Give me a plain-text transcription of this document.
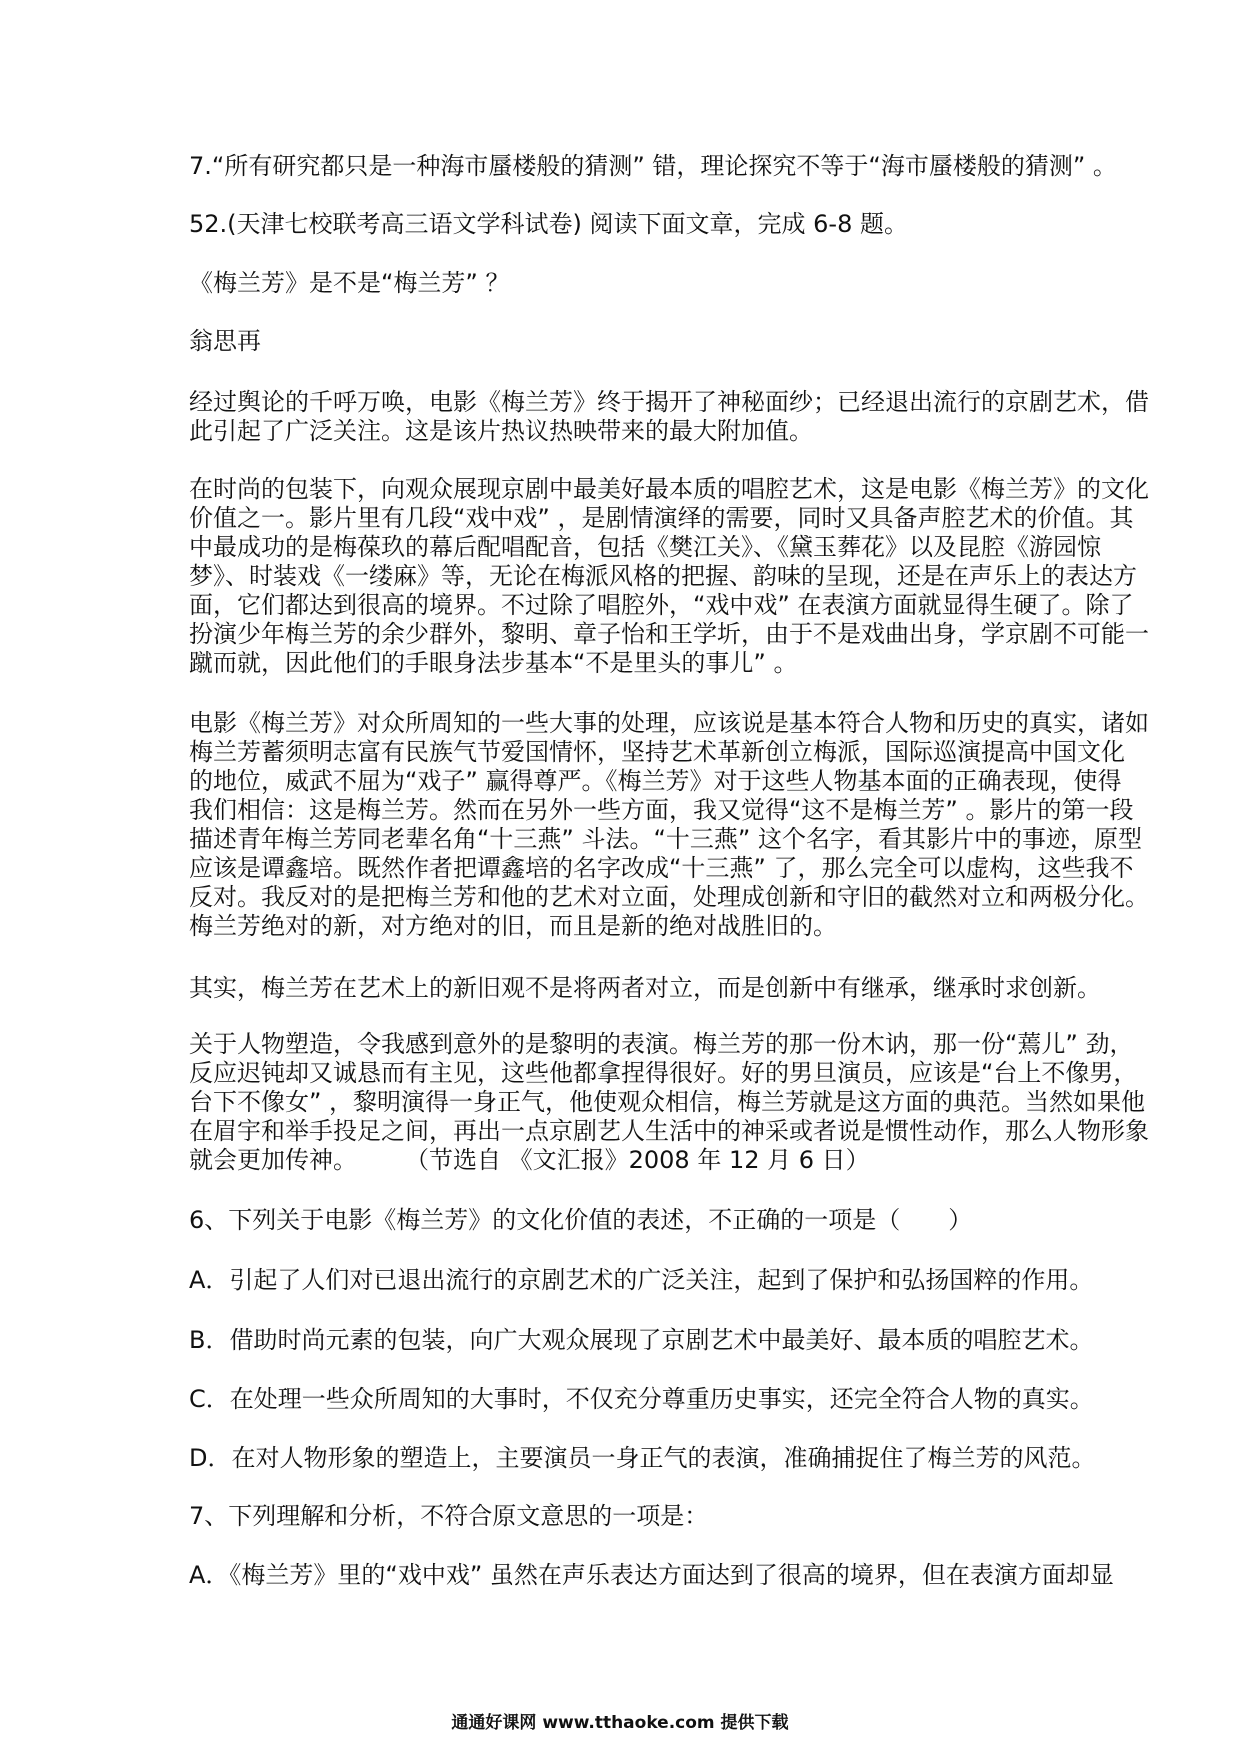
7.“所有研究都只是一种海市蜃楼般的猜测” 错，理论探究不等于“海市蜃楼般的猜测” 。
52.(天津七校联考高三语文学科试卷) 阅读下面文章，完成 6-8 题。
《梅兰芳》是不是“梅兰芳” ？
翁思再
经过舆论的千呼万唤，电影《梅兰芳》终于揭开了神秘面纱；已经退出流行的京剧艺术，借
此引起了广泛关注。这是该片热议热映带来的最大附加值。
在时尚的包装下，向观众展现京剧中最美好最本质的唱腔艺术，这是电影《梅兰芳》的文化
价值之一。影片里有几段“戏中戏” ，是剧情演绎的需要，同时又具备声腔艺术的价值。其
中最成功的是梅葆玖的幕后配唱配音，包括《樊江关》、《黛玉葬花》以及昆腔《游园惊
梦》、时装戏《一缕麻》等，无论在梅派风格的把握、韵味的呈现，还是在声乐上的表达方
面，它们都达到很高的境界。不过除了唱腔外，“戏中戏” 在表演方面就显得生硬了。除了
扮演少年梅兰芳的余少群外，黎明、章子怡和王学圻，由于不是戏曲出身，学京剧不可能一
蹴而就，因此他们的手眼身法步基本“不是里头的事儿” 。
电影《梅兰芳》对众所周知的一些大事的处理，应该说是基本符合人物和历史的真实，诸如
梅兰芳蓄须明志富有民族气节爱国情怀，坚持艺术革新创立梅派，国际巡演提高中国文化
的地位，威武不屈为“戏子” 赢得尊严。《梅兰芳》对于这些人物基本面的正确表现，使得
我们相信：这是梅兰芳。然而在另外一些方面，我又觉得“这不是梅兰芳” 。影片的第一段
描述青年梅兰芳同老辈名角“十三燕” 斗法。“十三燕” 这个名字，看其影片中的事迹，原型
应该是谭鑫培。既然作者把谭鑫培的名字改成“十三燕” 了，那么完全可以虚构，这些我不
反对。我反对的是把梅兰芳和他的艺术对立面，处理成创新和守旧的截然对立和两极分化。
梅兰芳绝对的新，对方绝对的旧，而且是新的绝对战胜旧的。
其实，梅兰芳在艺术上的新旧观不是将两者对立，而是创新中有继承，继承时求创新。
关于人物塑造，令我感到意外的是黎明的表演。梅兰芳的那一份木讷，那一份“蔫儿” 劲，
反应迟钝却又诚恳而有主见，这些他都拿捏得很好。好的男旦演员，应该是“台上不像男，
台下不像女” ，黎明演得一身正气，他使观众相信，梅兰芳就是这方面的典范。当然如果他
在眉宇和举手投足之间，再出一点京剧艺人生活中的神采或者说是惯性动作，那么人物形象
就会更加传神。　　　（节选自 《文汇报》2008 年 12 月 6 日）
6、下列关于电影《梅兰芳》的文化价值的表述，不正确的一项是（　　）
A．引起了人们对已退出流行的京剧艺术的广泛关注，起到了保护和弘扬国粹的作用。
B．借助时尚元素的包装，向广大观众展现了京剧艺术中最美好、最本质的唱腔艺术。
C．在处理一些众所周知的大事时，不仅充分尊重历史事实，还完全符合人物的真实。
D．在对人物形象的塑造上，主要演员一身正气的表演，准确捕捉住了梅兰芳的风范。
7、下列理解和分析，不符合原文意思的一项是：
A．《梅兰芳》里的“戏中戏” 虽然在声乐表达方面达到了很高的境界，但在表演方面却显
通通好课网 www.tthaoke.com 提供下载
